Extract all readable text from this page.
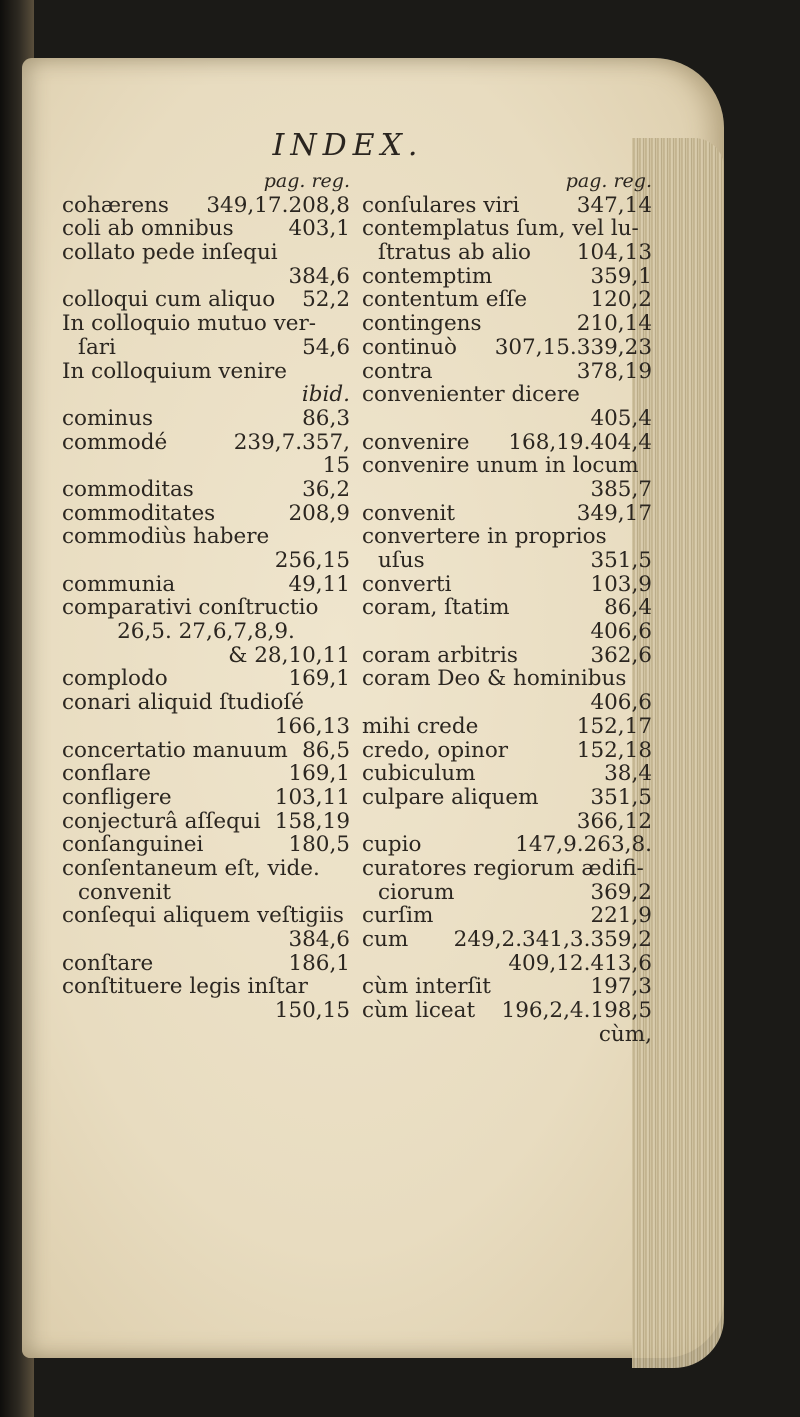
INDEX.
pag. reg.
cohærens 349,17.208,8
coli ab omnibus	403,1
collato pede inſequi
384,6
colloqui cum aliquo 52,2
In colloquio mutuo ver-
ſari	54,6
In colloquium venire
ibid.
cominus	86,3
commodé	239,7.357,
15
commoditas	36,2
commoditates	208,9
commodiùs habere
256,15
communia	49,11
comparativi conſtructio
26,5. 27,6,7,8,9.
& 28,10,11
complodo	169,1
conari aliquid ſtudioſé
166,13
concertatio manuum 86,5
conflare	169,1
confligere	103,11
conjecturâ aſſequi 158,19
conſanguinei	180,5
conſentaneum eſt, vide.
convenit
conſequi aliquem veſtigiis
384,6
conſtare	186,1
conſtituere legis inſtar
150,15
pag. reg.
conſulares viri	347,14
contemplatus ſum, vel lu-
ſtratus ab alio 104,13
contemptim	359,1
contentum eſſe	120,2
contingens	210,14
continuò 307,15.339,23
contra	378,19
convenienter dicere
405,4
convenire 168,19.404,4
convenire unum in locum
385,7
convenit	349,17
convertere in proprios
uſus	351,5
converti	103,9
coram, ſtatim	86,4
406,6
coram arbitris	362,6
coram Deo & hominibus
406,6
mihi crede	152,17
credo, opinor	152,18
cubiculum	38,4
culpare aliquem 351,5
366,12
cupio	147,9.263,8.
curatores regiorum ædifi-
ciorum	369,2
curſim	221,9
cum 249,2.341,3.359,2
409,12.413,6
cùm interſit	197,3
cùm liceat 196,2,4.198,5
cùm,
